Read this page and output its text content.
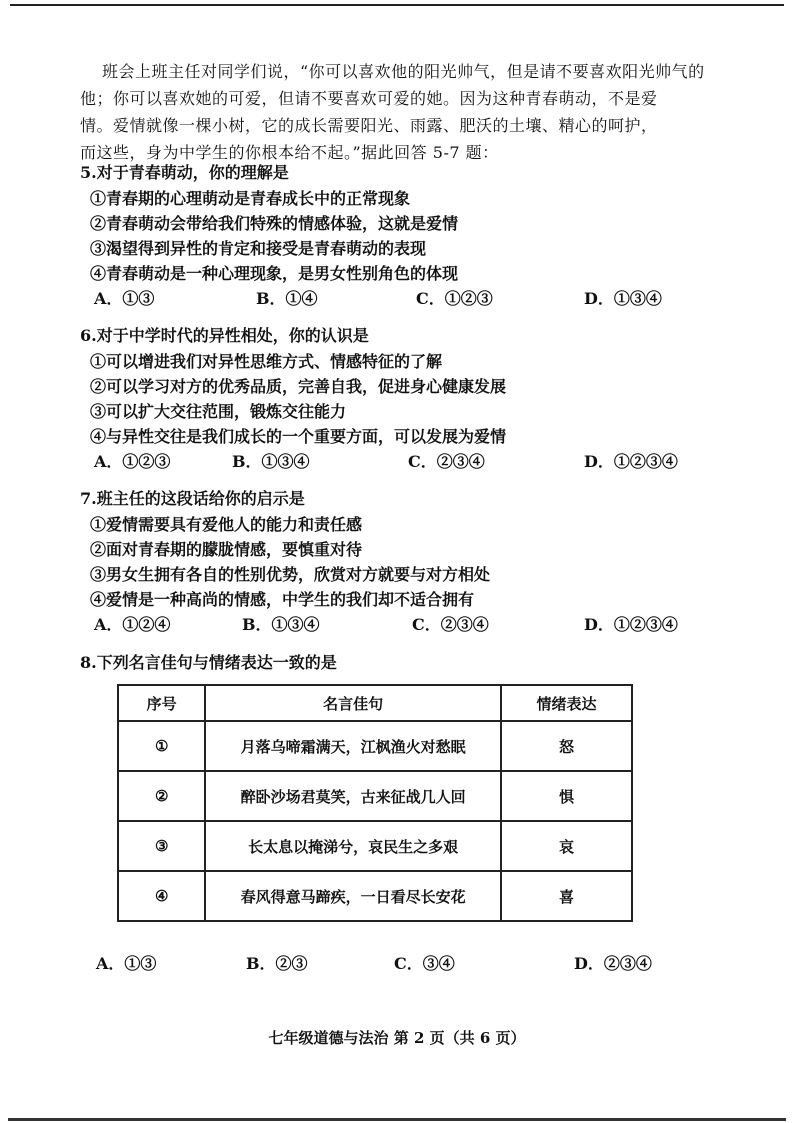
班会上班主任对同学们说，“你可以喜欢他的阳光帅气，但是请不要喜欢阳光帅气的
他；你可以喜欢她的可爱，但请不要喜欢可爱的她。因为这种青春萌动，不是爱
情。爱情就像一棵小树，它的成长需要阳光、雨露、肥沃的土壤、精心的呵护，
而这些，身为中学生的你根本给不起。”据此回答 5-7 题：
5.对于青春萌动，你的理解是
①青春期的心理萌动是青春成长中的正常现象
②青春萌动会带给我们特殊的情感体验，这就是爱情
③渴望得到异性的肯定和接受是青春萌动的表现
④青春萌动是一种心理现象，是男女性别角色的体现
A．①③	B．①④	C．①②③	D．①③④
6.对于中学时代的异性相处，你的认识是
①可以增进我们对异性思维方式、情感特征的了解
②可以学习对方的优秀品质，完善自我，促进身心健康发展
③可以扩大交往范围，锻炼交往能力
④与异性交往是我们成长的一个重要方面，可以发展为爱情
A．①②③	B．①③④	C．②③④	D．①②③④
7.班主任的这段话给你的启示是
①爱情需要具有爱他人的能力和责任感
②面对青春期的朦胧情感，要慎重对待
③男女生拥有各自的性别优势，欣赏对方就要与对方相处
④爱情是一种高尚的情感，中学生的我们却不适合拥有
A．①②④	B．①③④	C．②③④	D．①②③④
8.下列名言佳句与情绪表达一致的是
序号	名言佳句	情绪表达
①	月落乌啼霜满天，江枫渔火对愁眠	怒
②	醉卧沙场君莫笑，古来征战几人回	惧
③	长太息以掩涕兮，哀民生之多艰	哀
④	春风得意马蹄疾，一日看尽长安花	喜
A．①③	B．②③	C．③④	D．②③④
七年级道德与法治 第 2 页（共 6 页）
